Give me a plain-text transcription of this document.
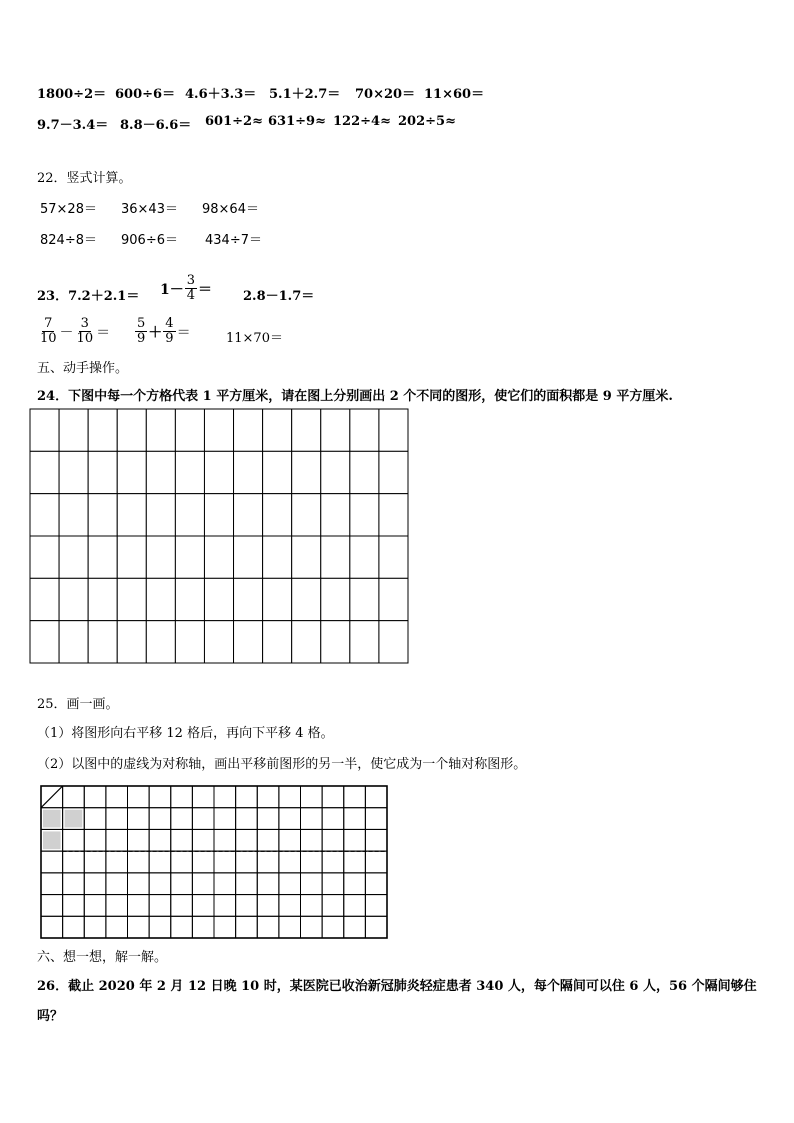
1800÷2＝ 600÷6＝ 4.6＋3.3＝ 5.1＋2.7＝ 70×20＝ 11×60＝
9.7－3.4＝ 8.8－6.6＝ 601÷2≈ 631÷9≈ 122÷4≈ 202÷5≈
22．竖式计算。
57×28＝ 36×43＝ 98×64＝
824÷8＝ 906÷6＝ 434÷7＝
23． $7.2+2.1= 1- \frac{3}{4} = 2.8-1.7=$
$\frac{7}{10} - \frac{3}{10} = \frac{5}{9} + \frac{4}{9}$ ＝	11×70＝
五、动手操作。
24．下图中每一个方格代表 1 平方厘米，请在图上分别画出 2 个不同的图形，使它们的面积都是 9 平方厘米.
25．画一画。
（1）将图形向右平移 12 格后，再向下平移 4 格。
（2）以图中的虚线为对称轴，画出平移前图形的另一半，使它成为一个轴对称图形。
六、想一想，解一解。
26．截止 2020 年 2 月 12 日晚 10 时，某医院已收治新冠肺炎轻症患者 340 人，每个隔间可以住 6 人，56 个隔间够住
吗？
